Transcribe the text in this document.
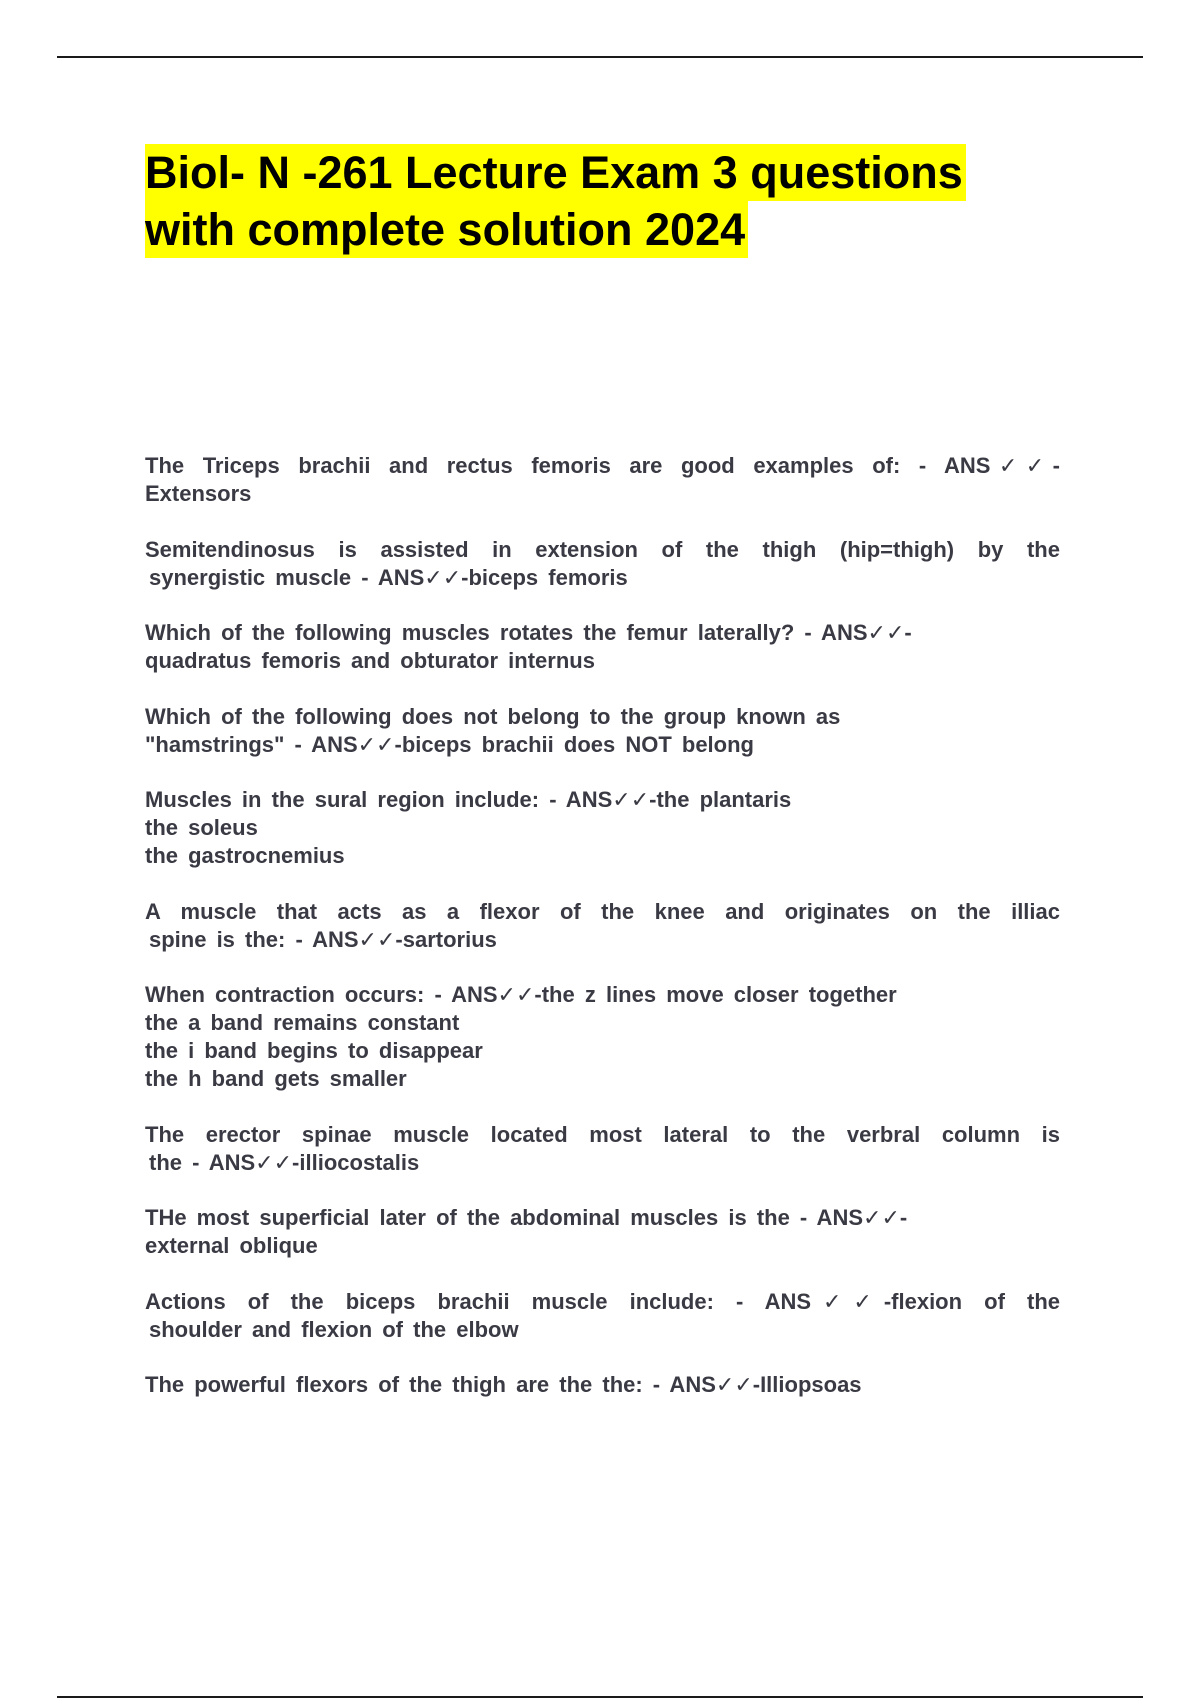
Biol- N -261 Lecture Exam 3 questions
with complete solution 2024

The Triceps brachii and rectus femoris are good examples of: - ANS✓✓-

Extensors

Semitendinosus is assisted in extension of the thigh (hip=thigh) by the

synergistic muscle - ANS✓✓-biceps femoris

Which of the following muscles rotates the femur laterally? - ANS✓✓-

quadratus femoris and obturator internus

Which of the following does not belong to the group known as

"hamstrings" - ANS✓✓-biceps brachii does NOT belong

Muscles in the sural region include: - ANS✓✓-the plantaris

the soleus

the gastrocnemius

A muscle that acts as a flexor of the knee and originates on the illiac

spine is the: - ANS✓✓-sartorius

When contraction occurs: - ANS✓✓-the z lines move closer together

the a band remains constant

the i band begins to disappear

the h band gets smaller

The erector spinae muscle located most lateral to the verbral column is

the - ANS✓✓-illiocostalis

THe most superficial later of the abdominal muscles is the - ANS✓✓-

external oblique

Actions of the biceps brachii muscle include: - ANS✓✓-flexion of the

shoulder and flexion of the elbow

The powerful flexors of the thigh are the the: - ANS✓✓-Illiopsoas
